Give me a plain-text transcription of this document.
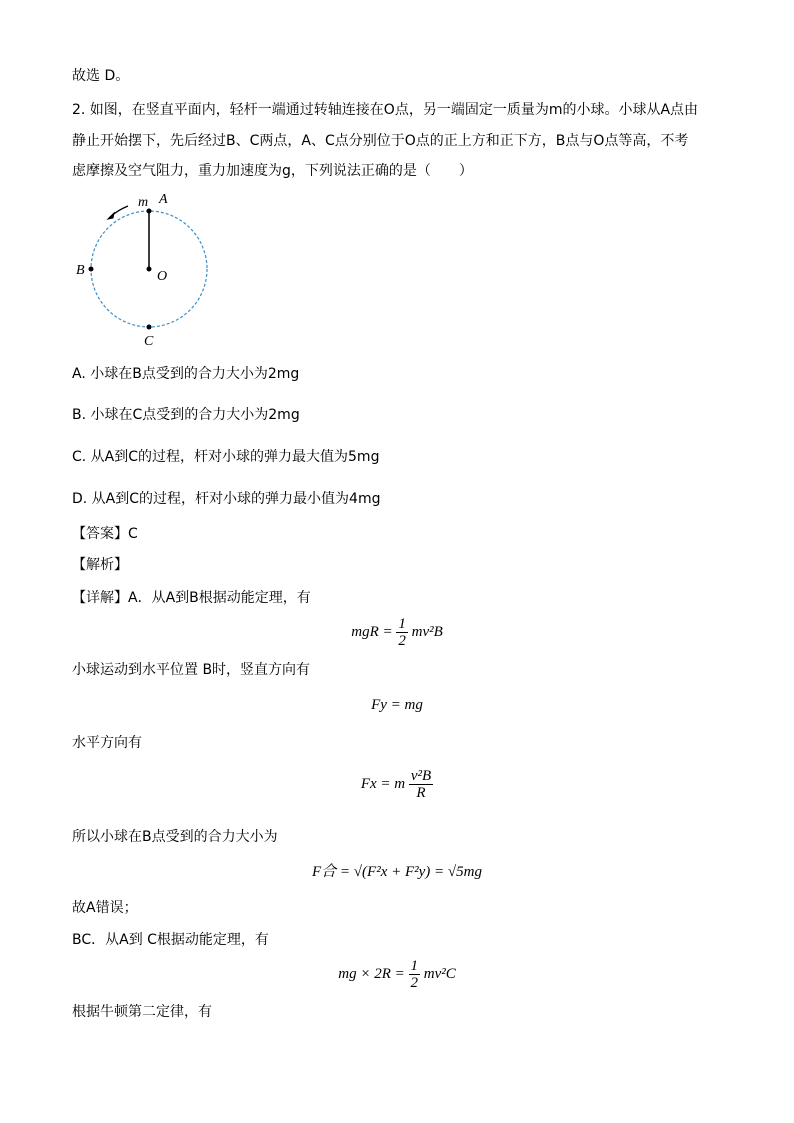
故选 D。
2. 如图，在竖直平面内，轻杆一端通过转轴连接在O点，另一端固定一质量为m的小球。小球从A点由
静止开始摆下，先后经过B、C两点，A、C点分别位于O点的正上方和正下方，B点与O点等高，不考
虑摩擦及空气阻力，重力加速度为g，下列说法正确的是（　　）
m A
B	O
C
A. 小球在B点受到的合力大小为2mg
B. 小球在C点受到的合力大小为2mg
C. 从A到C的过程，杆对小球的弹力最大值为5mg
D. 从A到C的过程，杆对小球的弹力最小值为4mg
【答案】C
【解析】
【详解】A．从A到B根据动能定理，有
mgR = $\frac{1}{2} mv^2B$
小球运动到水平位置 B时，竖直方向有
Fy = mg
水平方向有
Fx = m $\frac{\text{v²B}}{R}$
所以小球在B点受到的合力大小为
F合 = √(F²x + F²y) = √5mg
故A错误；
BC．从A到 C根据动能定理，有
mg × $2R = \frac{1}{2} mv^2C$
根据牛顿第二定律，有
